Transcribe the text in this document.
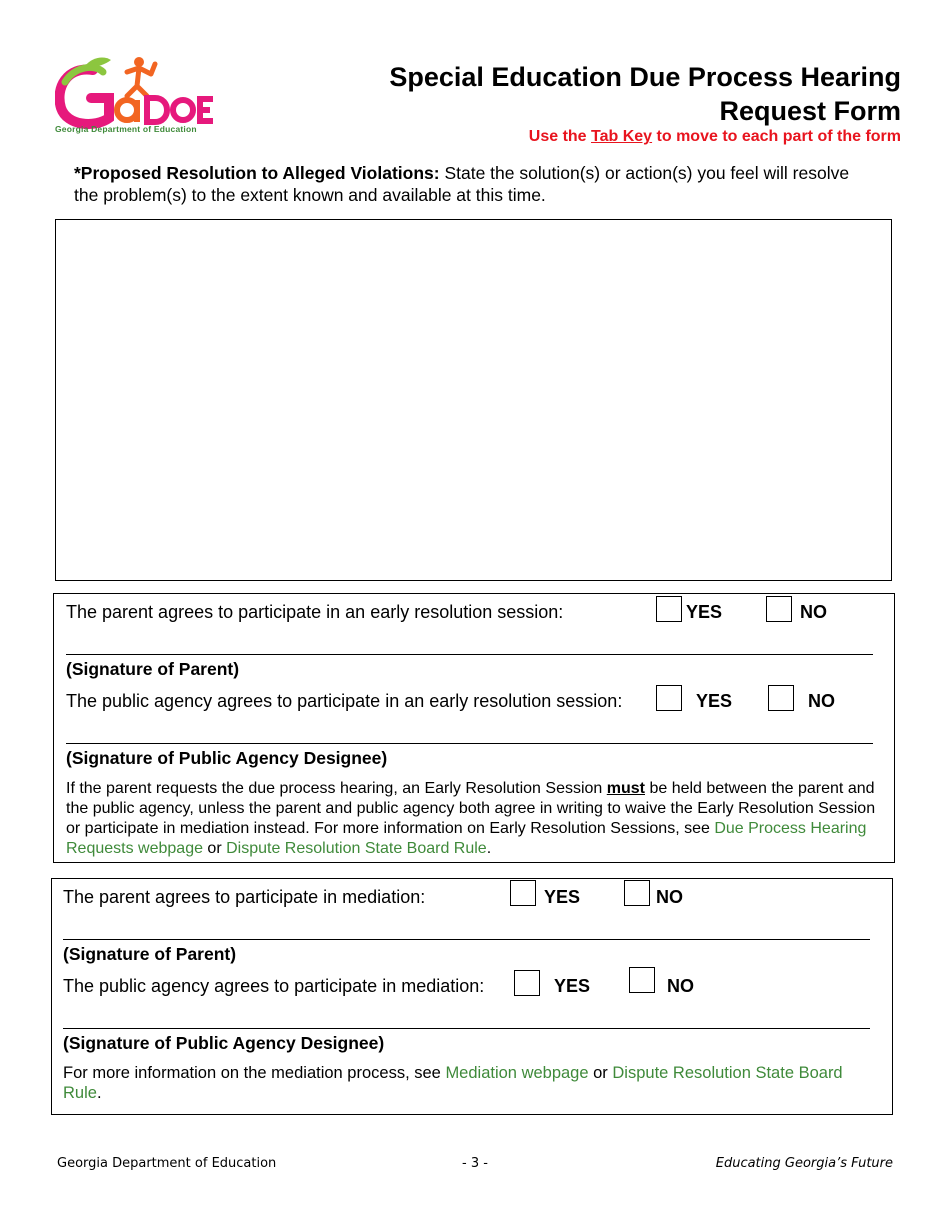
Georgia Department of Education
Special Education Due Process Hearing
Request Form
Use the Tab Key to move to each part of the form
*Proposed Resolution to Alleged Violations: State the solution(s) or action(s) you feel will resolve the problem(s) to the extent known and available at this time.
The parent agrees to participate in an early resolution session:	YES	NO
(Signature of Parent)
The public agency agrees to participate in an early resolution session:	YES	NO
(Signature of Public Agency Designee)
If the parent requests the due process hearing, an Early Resolution Session must be held between the parent and the public agency, unless the parent and public agency both agree in writing to waive the Early Resolution Session or participate in mediation instead. For more information on Early Resolution Sessions, see Due Process Hearing Requests webpage or Dispute Resolution State Board Rule.
The parent agrees to participate in mediation:	YES	NO
(Signature of Parent)
The public agency agrees to participate in mediation:	YES	NO
(Signature of Public Agency Designee)
For more information on the mediation process, see Mediation webpage or Dispute Resolution State Board Rule.
Georgia Department of Education	- 3 -	Educating Georgia’s Future
